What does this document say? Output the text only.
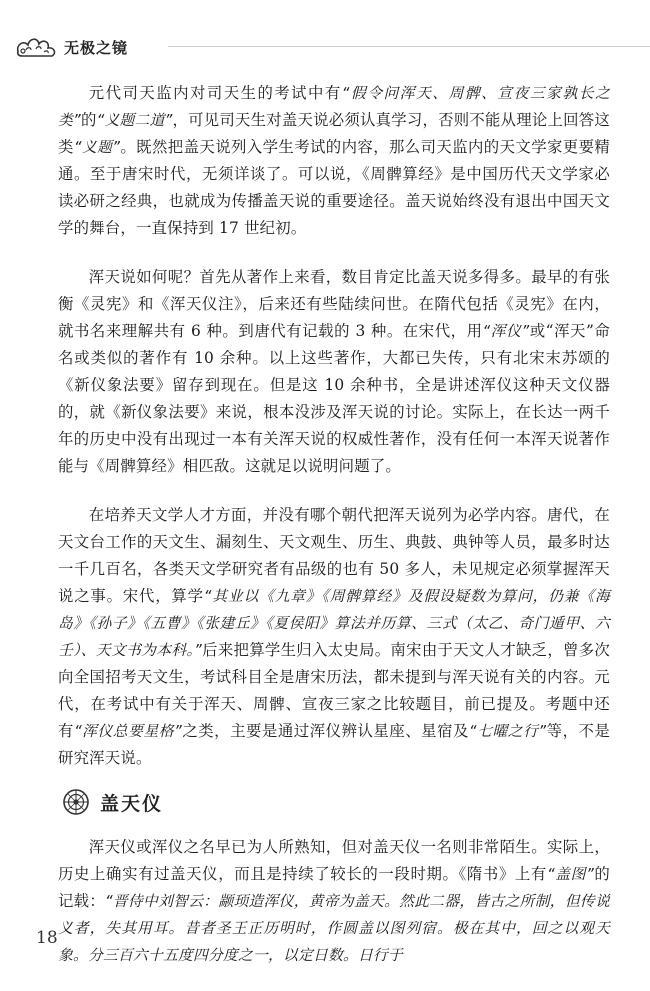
无极之镜

元代司天监内对司天生的考试中有“假令问浑天、周髀、宣夜三家孰长之类”的“义题二道”，可见司天生对盖天说必须认真学习，否则不能从理论上回答这类“义题”。既然把盖天说列入学生考试的内容，那么司天监内的天文学家更要精通。至于唐宋时代，无须详谈了。可以说，《周髀算经》是中国历代天文学家必读必研之经典，也就成为传播盖天说的重要途径。盖天说始终没有退出中国天文学的舞台，一直保持到 17 世纪初。

浑天说如何呢？首先从著作上来看，数目肯定比盖天说多得多。最早的有张衡《灵宪》和《浑天仪注》，后来还有些陆续问世。在隋代包括《灵宪》在内，就书名来理解共有 6 种。到唐代有记载的 3 种。在宋代，用“浑仪”或“浑天”命名或类似的著作有 10 余种。以上这些著作，大都已失传，只有北宋末苏颂的《新仪象法要》留存到现在。但是这 10 余种书，全是讲述浑仪这种天文仪器的，就《新仪象法要》来说，根本没涉及浑天说的讨论。实际上，在长达一两千年的历史中没有出现过一本有关浑天说的权威性著作，没有任何一本浑天说著作能与《周髀算经》相匹敌。这就足以说明问题了。

在培养天文学人才方面，并没有哪个朝代把浑天说列为必学内容。唐代，在天文台工作的天文生、漏刻生、天文观生、历生、典鼓、典钟等人员，最多时达一千几百名，各类天文学研究者有品级的也有 50 多人，未见规定必须掌握浑天说之事。宋代，算学“其业以《九章》《周髀算经》及假设疑数为算问，仍兼《海岛》《孙子》《五曹》《张建丘》《夏侯阳》算法并历算、三式（太乙、奇门遁甲、六壬）、天文书为本科。”后来把算学生归入太史局。南宋由于天文人才缺乏，曾多次向全国招考天文生，考试科目全是唐宋历法，都未提到与浑天说有关的内容。元代，在考试中有关于浑天、周髀、宣夜三家之比较题目，前已提及。考题中还有“浑仪总要星格”之类，主要是通过浑仪辨认星座、星宿及“七曜之行”等，不是研究浑天说。

盖天仪

浑天仪或浑仪之名早已为人所熟知，但对盖天仪一名则非常陌生。实际上，历史上确实有过盖天仪，而且是持续了较长的一段时期。《隋书》上有“盖图”的记载：“晋侍中刘智云：颛顼造浑仪，黄帝为盖天。然此二器，皆古之所制，但传说义者，失其用耳。昔者圣王正历明时，作圆盖以图列宿。极在其中，回之以观天象。分三百六十五度四分度之一，以定日数。日行于

18
